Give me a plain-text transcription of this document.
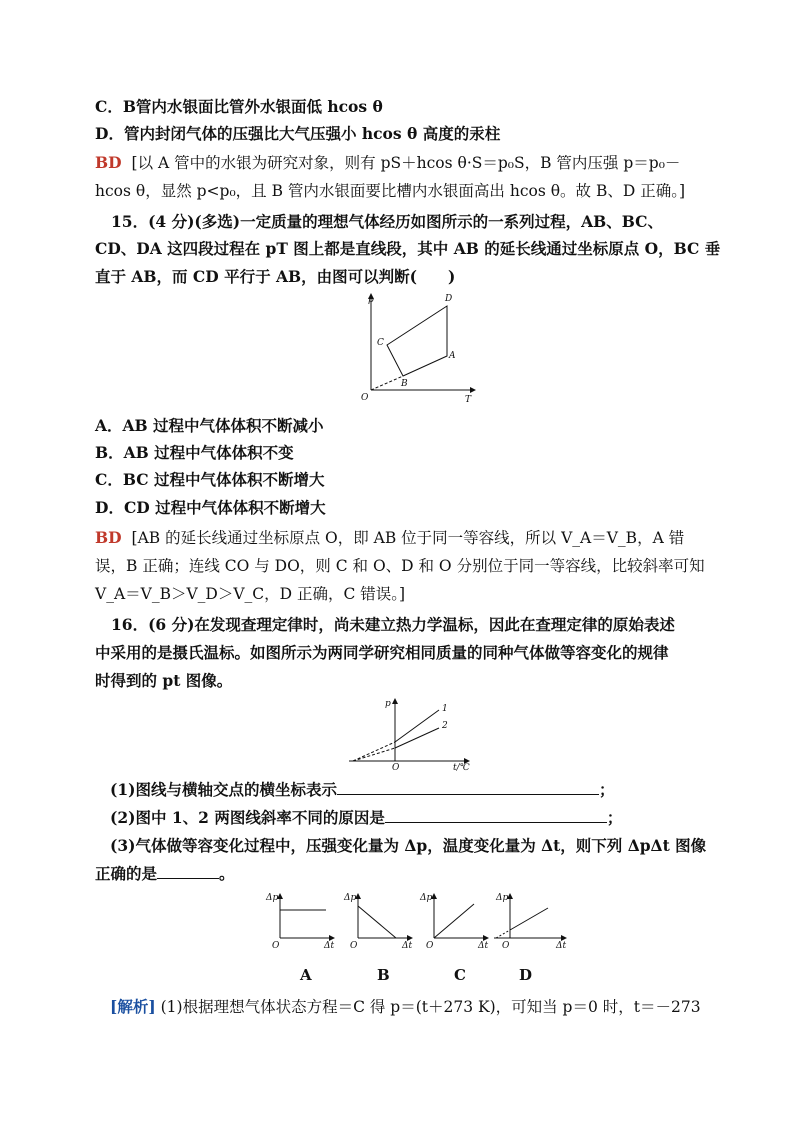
C．B管内水银面比管外水银面低 hcos θ
D．管内封闭气体的压强比大气压强小 hcos θ 高度的汞柱
BD [以 A 管中的水银为研究对象，则有 pS＋hcos θ·S＝p₀S，B 管内压强 p＝p₀－
hcos θ，显然 p<p₀，且 B 管内水银面要比槽内水银面高出 hcos θ。故 B、D 正确。]
15．(4 分)(多选)一定质量的理想气体经历如图所示的一系列过程，AB、BC、
CD、DA 这四段过程在 pT 图上都是直线段，其中 AB 的延长线通过坐标原点 O，BC 垂
直于 AB，而 CD 平行于 AB，由图可以判断(　　)
p
T
O
A
B
C
D
A．AB 过程中气体体积不断减小
B．AB 过程中气体体积不变
C．BC 过程中气体体积不断增大
D．CD 过程中气体体积不断增大
BD [AB 的延长线通过坐标原点 O，即 AB 位于同一等容线，所以 V_A＝V_B，A 错
误，B 正确；连线 CO 与 DO，则 C 和 O、D 和 O 分别位于同一等容线，比较斜率可知
V_A＝V_B＞V_D＞V_C，D 正确，C 错误。]
16．(6 分)在发现查理定律时，尚未建立热力学温标，因此在查理定律的原始表述
中采用的是摄氏温标。如图所示为两同学研究相同质量的同种气体做等容变化的规律
时得到的 pt 图像。
p
t/℃
O
1
2
(1)图线与横轴交点的横坐标表示	；
(2)图中 1、2 两图线斜率不同的原因是	；
(3)气体做等容变化过程中，压强变化量为 Δp，温度变化量为 Δt，则下列 ΔpΔt 图像
正确的是	。
Δp
Δt
O
Δp
Δt
O
Δp
Δt
O
Δp
Δt
O
A	B	C	D
[解析] (1)根据理想气体状态方程＝C 得 p＝(t＋273 K)，可知当 p＝0 时，t＝－273
